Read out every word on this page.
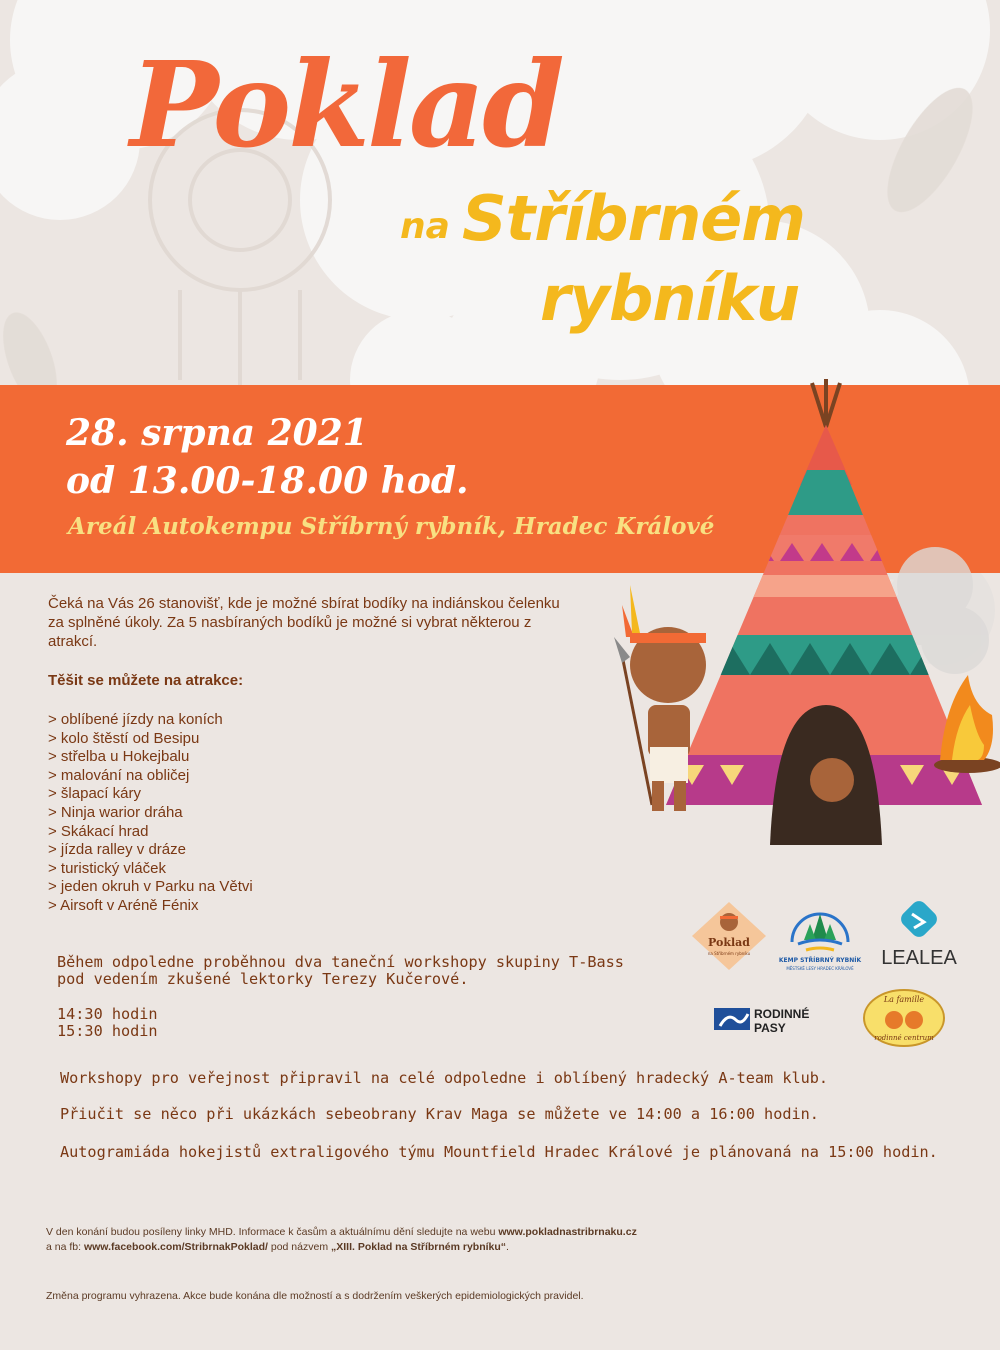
Poklad
na Stříbrném
rybníku
28. srpna 2021
od 13.00-18.00 hod.
Areál Autokempu Stříbrný rybník, Hradec Králové
Čeká na Vás 26 stanovišť, kde je možné sbírat bodíky na indiánskou čelenku za splněné úkoly. Za 5 nasbíraných bodíků je možné si vybrat některou z atrakcí.
Těšit se můžete na atrakce:
> oblíbené jízdy na koních
> kolo štěstí od Besipu
> střelba u Hokejbalu
> malování na obličej
> šlapací káry
> Ninja warior dráha
> Skákací hrad
> jízda ralley v dráze
> turistický vláček
> jeden okruh v Parku na Větvi
> Airsoft v Aréně Fénix
Během odpoledne proběhnou dva taneční workshopy skupiny T-Bass
pod vedením zkušené lektorky Terezy Kučerové.
14:30 hodin
15:30 hodin
Workshopy pro veřejnost připravil na celé odpoledne i oblíbený hradecký A-team klub.
Přiučit se něco při ukázkách sebeobrany Krav Maga se můžete ve 14:00 a 16:00 hodin.
Autogramiáda hokejistů extraligového týmu Mountfield Hradec Králové je plánovaná na 15:00 hodin.
Poklad
na Stříbrném rybníku
KEMP STŘÍBRNÝ RYBNÍK
MĚSTSKÉ LESY HRADEC KRÁLOVÉ LEALEA
RODINNÉ
PASY
La famille
rodinné centrum
V den konání budou posíleny linky MHD. Informace k časům a aktuálnímu dění sledujte na webu www.pokladnastribrnaku.cz
a na fb: www.facebook.com/StribrnakPoklad/ pod názvem „XIII. Poklad na Stříbrném rybníku“.
Změna programu vyhrazena. Akce bude konána dle možností a s dodržením veškerých epidemiologických pravidel.
